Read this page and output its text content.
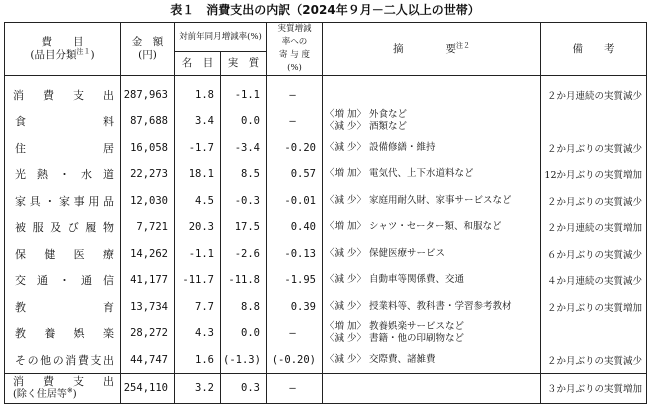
表１　消費支出の内訳（2024年９月－二人以上の世帯）
費　　目
(品目分類$^{注1}$)	金　額
(円)	対前年同月増減率(%)		実質増減
率への
寄 与 度
(%)	摘　　　　要$^{注2}$	備　　考
		名　目	実　質			

消 費 支 出	287,963	1.8	-1.1	—		２か月連続の実質減少
食 料	87,688	3.4	0.0	—	〈増 加〉 外食など
〈減 少〉 酒類など	

住 居	16,058	-1.7	-3.4	-0.20	〈減 少〉 設備修繕・維持	２か月ぶりの実質減少
光 熱 ・ 水 道	22,273	18.1	8.5	0.57	〈増 加〉 電気代、上下水道料など	12か月ぶりの実質増加
家具・家事用品	12,030	4.5	-0.3	-0.01	〈減 少〉 家庭用耐久財、家事サービスなど	２か月ぶりの実質減少
被服及び履物	7,721	20.3	17.5	0.40	〈増 加〉 シャツ・セーター類、和服など	２か月連続の実質増加
保 健 医 療	14,262	-1.1	-2.6	-0.13	〈減 少〉 保健医療サービス	６か月ぶりの実質減少
交 通 ・ 通 信	41,177	-11.7	-11.8	-1.95	〈減 少〉 自動車等関係費、交通	４か月連続の実質減少
教 育	13,734	7.7	8.8	0.39	〈減 少〉 授業料等、教科書・学習参考教材	２か月ぶりの実質増加
教 養 娯 楽	28,272	4.3	0.0	—	〈増 加〉 教養娯楽サービスなど
〈減 少〉 書籍・他の印刷物など	

その他の消費支出	44,747	1.6	(-1.3)	(-0.20)	〈減 少〉 交際費、諸雑費	２か月ぶりの実質減少

消 費 支 出
(除く住居等※)	254,110	3.2	0.3	—		３か月ぶりの実質増加
